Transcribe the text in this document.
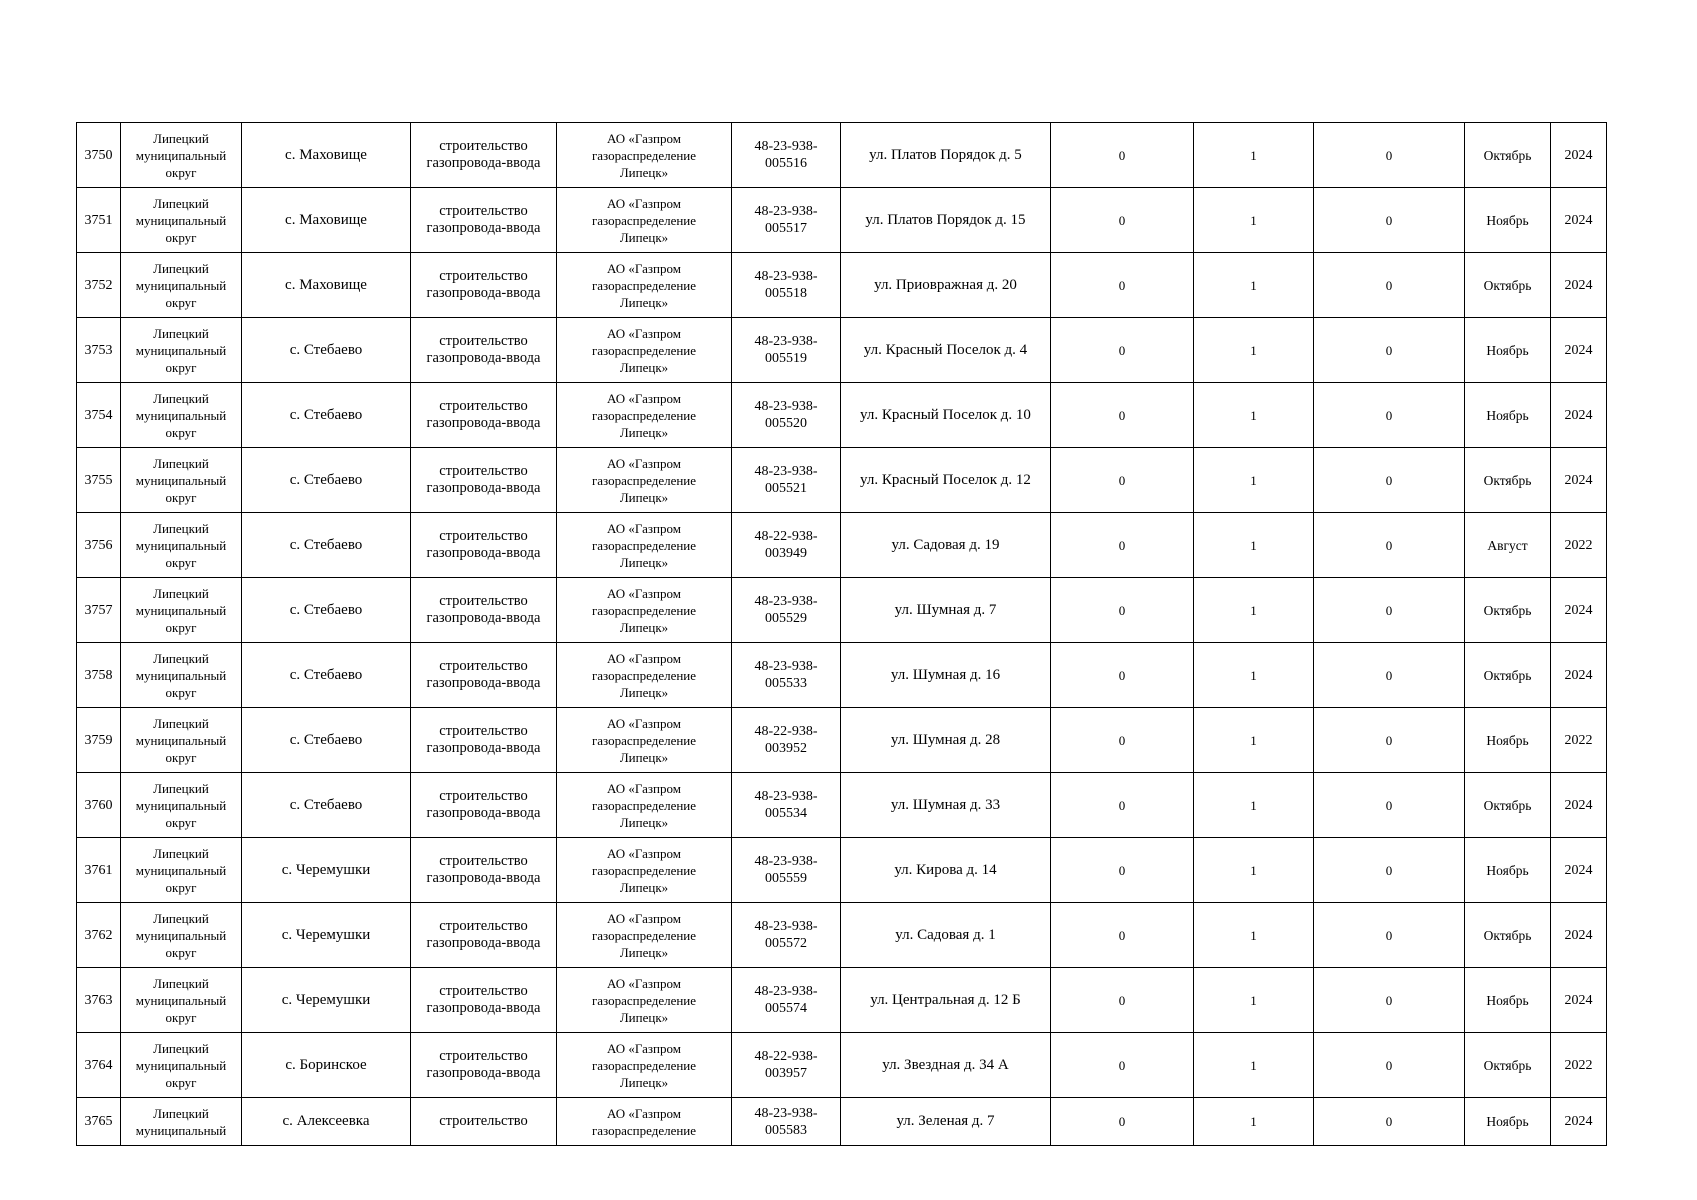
3750	Липецкий
муниципальный
округ	с. Маховище	строительство
газопровода-ввода	АО «Газпром
газораспределение
Липецк»	48-23-938-
005516	ул. Платов Порядок д. 5	0	1	0	Октябрь	2024
3751	Липецкий
муниципальный
округ	с. Маховище	строительство
газопровода-ввода	АО «Газпром
газораспределение
Липецк»	48-23-938-
005517	ул. Платов Порядок д. 15	0	1	0	Ноябрь	2024
3752	Липецкий
муниципальный
округ	с. Маховище	строительство
газопровода-ввода	АО «Газпром
газораспределение
Липецк»	48-23-938-
005518	ул. Приовражная д. 20	0	1	0	Октябрь	2024
3753	Липецкий
муниципальный
округ	с. Стебаево	строительство
газопровода-ввода	АО «Газпром
газораспределение
Липецк»	48-23-938-
005519	ул. Красный Поселок д. 4	0	1	0	Ноябрь	2024
3754	Липецкий
муниципальный
округ	с. Стебаево	строительство
газопровода-ввода	АО «Газпром
газораспределение
Липецк»	48-23-938-
005520	ул. Красный Поселок д. 10	0	1	0	Ноябрь	2024
3755	Липецкий
муниципальный
округ	с. Стебаево	строительство
газопровода-ввода	АО «Газпром
газораспределение
Липецк»	48-23-938-
005521	ул. Красный Поселок д. 12	0	1	0	Октябрь	2024
3756	Липецкий
муниципальный
округ	с. Стебаево	строительство
газопровода-ввода	АО «Газпром
газораспределение
Липецк»	48-22-938-
003949	ул. Садовая д. 19	0	1	0	Август	2022
3757	Липецкий
муниципальный
округ	с. Стебаево	строительство
газопровода-ввода	АО «Газпром
газораспределение
Липецк»	48-23-938-
005529	ул. Шумная д. 7	0	1	0	Октябрь	2024
3758	Липецкий
муниципальный
округ	с. Стебаево	строительство
газопровода-ввода	АО «Газпром
газораспределение
Липецк»	48-23-938-
005533	ул. Шумная д. 16	0	1	0	Октябрь	2024
3759	Липецкий
муниципальный
округ	с. Стебаево	строительство
газопровода-ввода	АО «Газпром
газораспределение
Липецк»	48-22-938-
003952	ул. Шумная д. 28	0	1	0	Ноябрь	2022
3760	Липецкий
муниципальный
округ	с. Стебаево	строительство
газопровода-ввода	АО «Газпром
газораспределение
Липецк»	48-23-938-
005534	ул. Шумная д. 33	0	1	0	Октябрь	2024
3761	Липецкий
муниципальный
округ	с. Черемушки	строительство
газопровода-ввода	АО «Газпром
газораспределение
Липецк»	48-23-938-
005559	ул. Кирова д. 14	0	1	0	Ноябрь	2024
3762	Липецкий
муниципальный
округ	с. Черемушки	строительство
газопровода-ввода	АО «Газпром
газораспределение
Липецк»	48-23-938-
005572	ул. Садовая д. 1	0	1	0	Октябрь	2024
3763	Липецкий
муниципальный
округ	с. Черемушки	строительство
газопровода-ввода	АО «Газпром
газораспределение
Липецк»	48-23-938-
005574	ул. Центральная д. 12 Б	0	1	0	Ноябрь	2024
3764	Липецкий
муниципальный
округ	с. Боринское	строительство
газопровода-ввода	АО «Газпром
газораспределение
Липецк»	48-22-938-
003957	ул. Звездная д. 34 А	0	1	0	Октябрь	2022
3765	Липецкий
муниципальный	с. Алексеевка	строительство	АО «Газпром
газораспределение	48-23-938-
005583	ул. Зеленая д. 7	0	1	0	Ноябрь	2024
